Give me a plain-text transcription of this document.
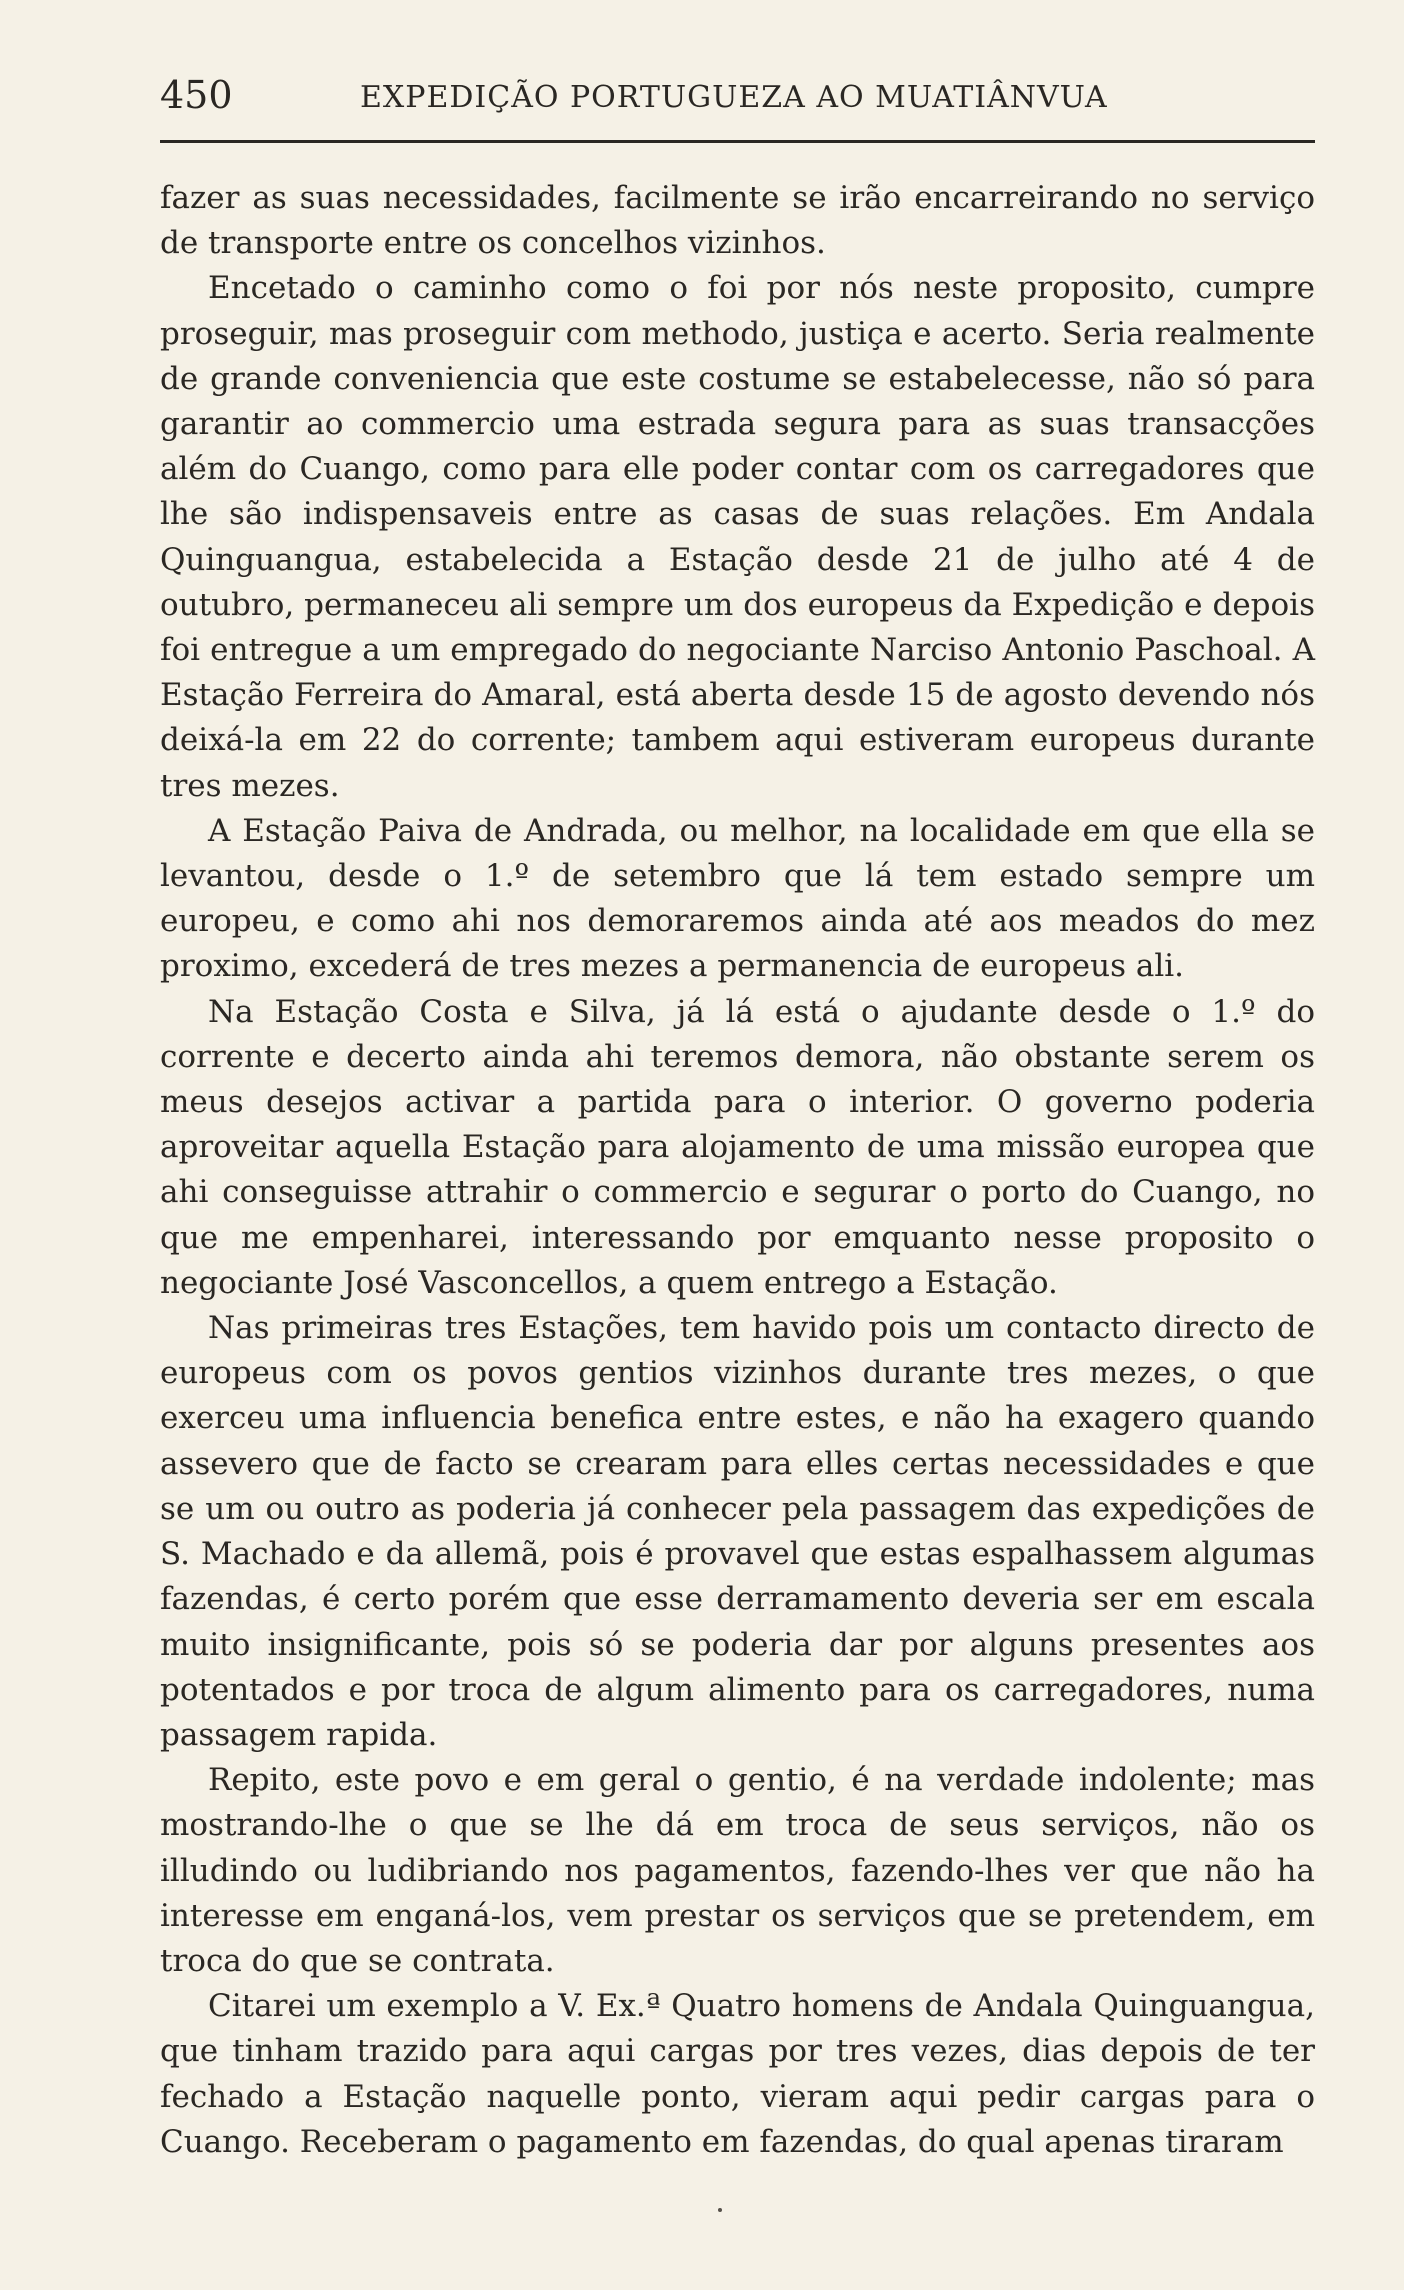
450	EXPEDIÇÃO PORTUGUEZA AO MUATIÂNVUA

fazer as suas necessidades, facilmente se irão encarreirando no serviço de transporte entre os concelhos vizinhos.

Encetado o caminho como o foi por nós neste proposito, cumpre proseguir, mas proseguir com methodo, justiça e acerto. Seria realmente de grande conveniencia que este costume se estabelecesse, não só para garantir ao commercio uma estrada segura para as suas transacções além do Cuango, como para elle poder contar com os carregadores que lhe são indispensaveis entre as casas de suas relações. Em Andala Quinguangua, estabelecida a Estação desde 21 de julho até 4 de outubro, permaneceu ali sempre um dos europeus da Expedição e depois foi entregue a um empregado do negociante Narciso Antonio Paschoal. A Estação Ferreira do Amaral, está aberta desde 15 de agosto devendo nós deixá-la em 22 do corrente; tambem aqui estiveram europeus durante tres mezes.

A Estação Paiva de Andrada, ou melhor, na localidade em que ella se levantou, desde o 1.º de setembro que lá tem estado sempre um europeu, e como ahi nos demoraremos ainda até aos meados do mez proximo, excederá de tres mezes a permanencia de europeus ali.

Na Estação Costa e Silva, já lá está o ajudante desde o 1.º do corrente e decerto ainda ahi teremos demora, não obstante serem os meus desejos activar a partida para o interior. O governo poderia aproveitar aquella Estação para alojamento de uma missão europea que ahi conseguisse attrahir o commercio e segurar o porto do Cuango, no que me empenharei, interessando por emquanto nesse proposito o negociante José Vasconcellos, a quem entrego a Estação.

Nas primeiras tres Estações, tem havido pois um contacto directo de europeus com os povos gentios vizinhos durante tres mezes, o que exerceu uma influencia benefica entre estes, e não ha exagero quando assevero que de facto se crearam para elles certas necessidades e que se um ou outro as poderia já conhecer pela passagem das expedições de S. Machado e da allemã, pois é provavel que estas espalhassem algumas fazendas, é certo porém que esse derramamento deveria ser em escala muito insignificante, pois só se poderia dar por alguns presentes aos potentados e por troca de algum alimento para os carregadores, numa passagem rapida.

Repito, este povo e em geral o gentio, é na verdade indolente; mas mostrando-lhe o que se lhe dá em troca de seus serviços, não os illudindo ou ludibriando nos pagamentos, fazendo-lhes ver que não ha interesse em enganá-los, vem prestar os serviços que se pretendem, em troca do que se contrata.

Citarei um exemplo a V. Ex.ª Quatro homens de Andala Quinguangua, que tinham trazido para aqui cargas por tres vezes, dias depois de ter fechado a Estação naquelle ponto, vieram aqui pedir cargas para o Cuango. Receberam o pagamento em fazendas, do qual apenas tiraram
